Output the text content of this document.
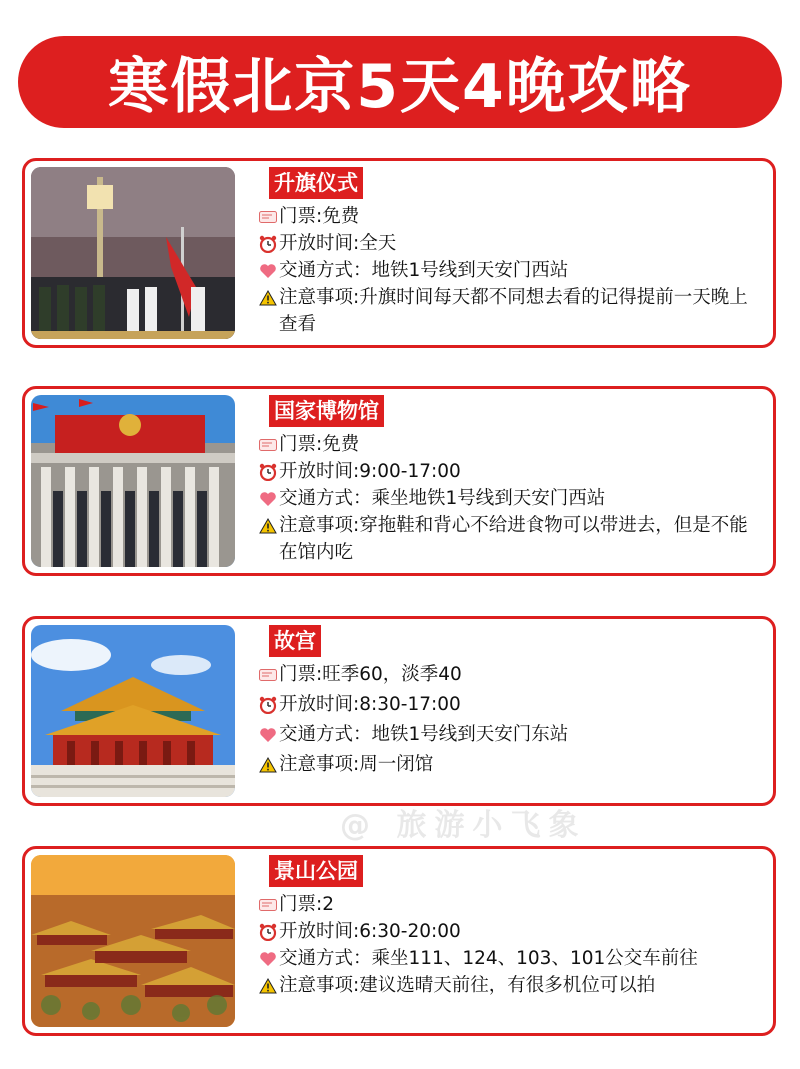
寒假北京5天4晚攻略
@ 旅游小飞象
升旗仪式
门票:免费
开放时间:全天
交通方式：地铁1号线到天安门西站
注意事项:升旗时间每天都不同想去看的记得提前一天晚上查看
国家博物馆
门票:免费
开放时间:9:00-17:00
交通方式：乘坐地铁1号线到天安门西站
注意事项:穿拖鞋和背心不给进食物可以带进去，但是不能在馆内吃
故宫
门票:旺季60，淡季40
开放时间:8:30-17:00
交通方式：地铁1号线到天安门东站
注意事项:周一闭馆
景山公园
门票:2
开放时间:6:30-20:00
交通方式：乘坐111、124、103、101公交车前往
注意事项:建议选晴天前往，有很多机位可以拍
